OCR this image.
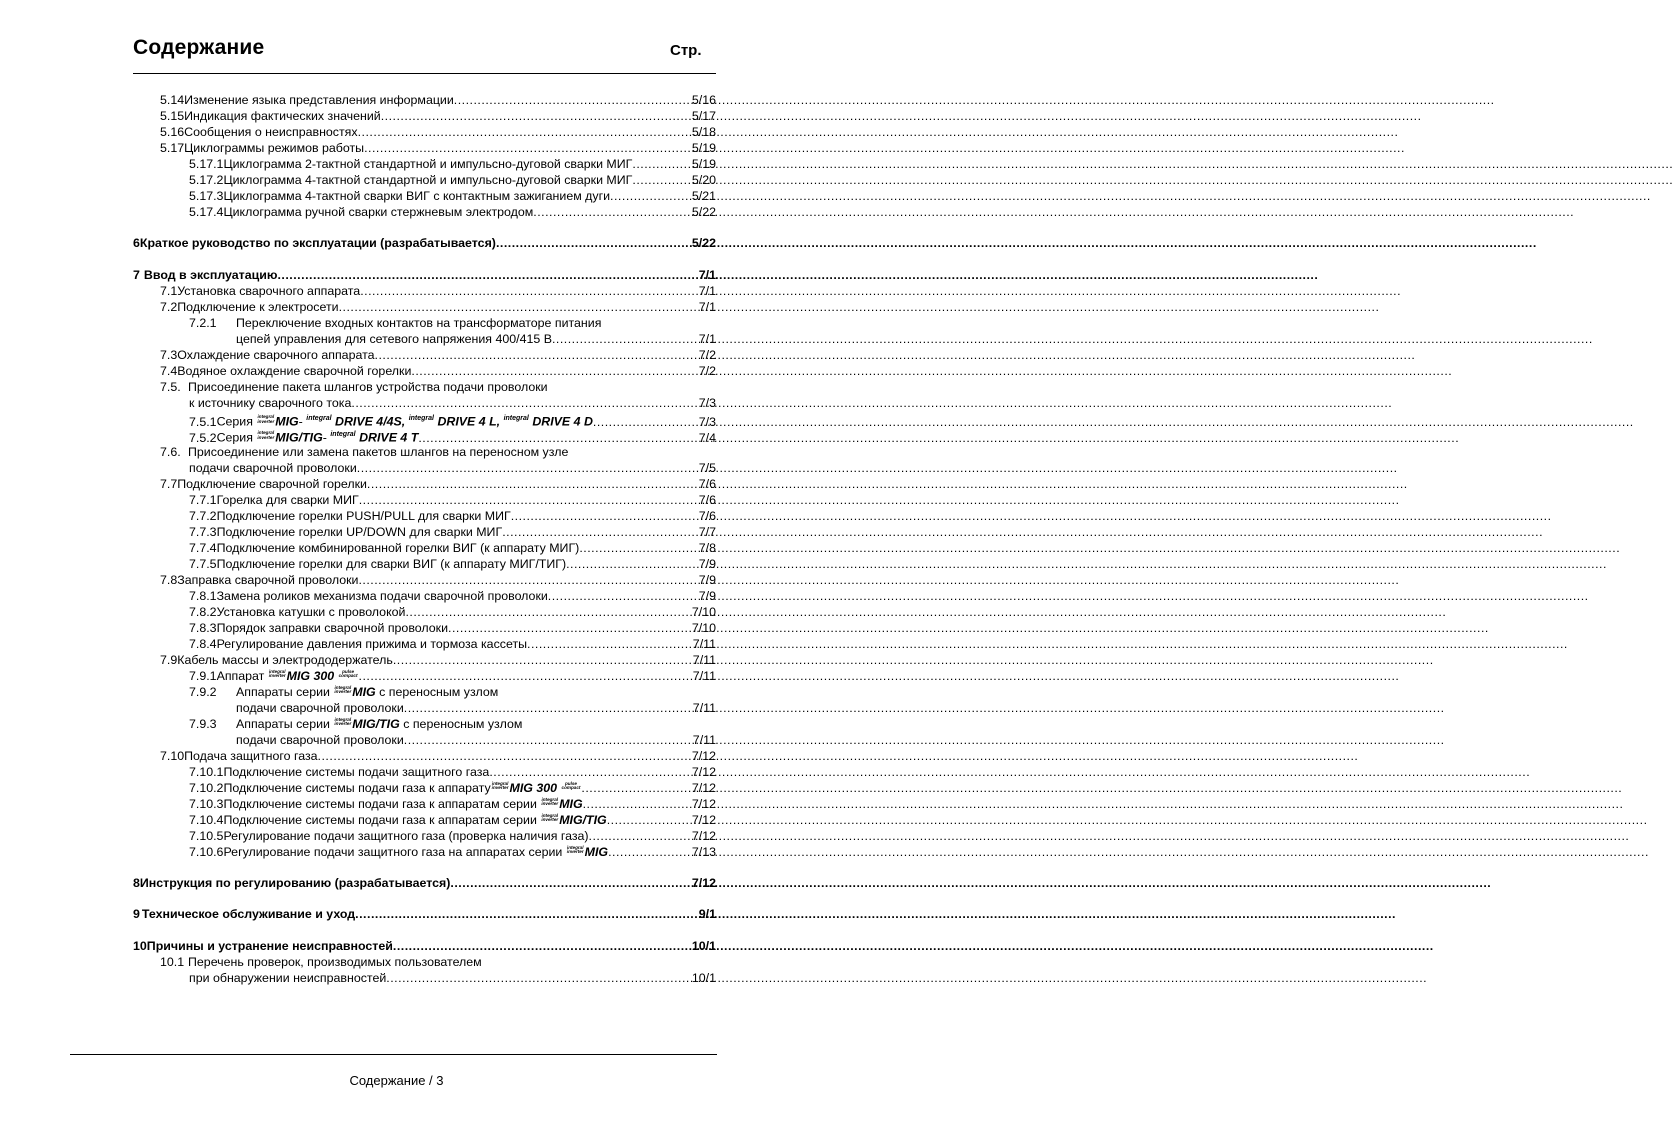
Содержание	Стр.
5.14 Изменение языка представления информации .....	5/16
5.15 Индикация фактических значений .....	5/17
5.16 Сообщения о неисправностях .....	5/18
5.17 Циклограммы режимов работы .....	5/19
5.17.1 Циклограмма 2-тактной стандартной и импульсно-дуговой сварки МИГ .....	5/19
5.17.2 Циклограмма 4-тактной стандартной и импульсно-дуговой сварки МИГ .....	5/20
5.17.3 Циклограмма 4-тактной сварки ВИГ с контактным зажиганием дуги .....	5/21
5.17.4 Циклограмма ручной сварки стержневым электродом .....	5/22
6 Краткое руководство по эксплуатации (разрабатывается) .....	5/22
7 Ввод в эксплуатацию .....	7/1
7.1 Установка сварочного аппарата .....	7/1
7.2 Подключение к электросети .....	7/1
7.2.1	Переключение входных контактов на трансформаторе питания
цепей управления для сетевого напряжения 400/415 В .....	7/1
7.3 Охлаждение сварочного аппарата .....	7/2
7.4 Водяное охлаждение сварочной горелки .....	7/2
7.5. Присоединение пакета шлангов устройства подачи проволоки
к источнику сварочного тока .....	7/3
7.5.1 Серия integral
inverter MIG- $^{integral}$ DRIVE 4/4S, $^{integral}$ DRIVE 4 L, $^{integral}$ DRIVE 4 D .....	7/3
7.5.2 Серия integral
inverter MIG/TIG- $^{integral}$ DRIVE 4 T .....	7/4
7.6. Присоединение или замена пакетов шлангов на переносном узле
подачи сварочной проволоки .....	7/5
7.7 Подключение сварочной горелки .....	7/6
7.7.1 Горелка для сварки МИГ .....	7/6
7.7.2 Подключение горелки PUSH/PULL для сварки МИГ .....	7/6
7.7.3 Подключение горелки UP/DOWN для сварки МИГ .....	7/7
7.7.4 Подключение комбинированной горелки ВИГ (к аппарату МИГ) .....	7/8
7.7.5 Подключение горелки для сварки ВИГ (к аппарату МИГ/ТИГ) .....	7/9
7.8 Заправка сварочной проволоки .....	7/9
7.8.1 Замена роликов механизма подачи сварочной проволоки .....	7/9
7.8.2 Установка катушки с проволокой .....	7/10
7.8.3 Порядок заправки сварочной проволоки .....	7/10
7.8.4 Регулирование давления прижима и тормоза кассеты .....	7/11
7.9 Кабель массы и электрододержатель .....	7/11
7.9.1 Аппарат integral
inverter MIG 300	pulse
compact .....	7/11
7.9.2	Аппараты серии integral
inverter MIG с переносным узлом
подачи сварочной проволоки .....	7/11
7.9.3	Аппараты серии integral
inverter MIG/TIG с переносным узлом
подачи сварочной проволоки .....	7/11
7.10 Подача защитного газа .....	7/12
7.10.1 Подключение системы подачи защитного газа .....	7/12
7.10.2 Подключение системы подачи газа к аппарату integral
inverter MIG 300	pulse
compact .....	7/12
7.10.3 Подключение системы подачи газа к аппаратам серии integral
inverter MIG .....	7/12
7.10.4 Подключение системы подачи газа к аппаратам серии integral
inverter MIG/TIG .....	7/12
7.10.5 Регулирование подачи защитного газа (проверка наличия газа) .....	7/12
7.10.6 Регулирование подачи защитного газа на аппаратах серии integral
inverter MIG .....	7/13
8 Инструкция по регулированию (разрабатывается) .....	7/12
9 Техническое обслуживание и уход .....	9/1
10 Причины и устранение неисправностей .....	10/1
10.1 Перечень проверок, производимых пользователем
при обнаружении неисправностей .....	10/1
Содержание / 3
